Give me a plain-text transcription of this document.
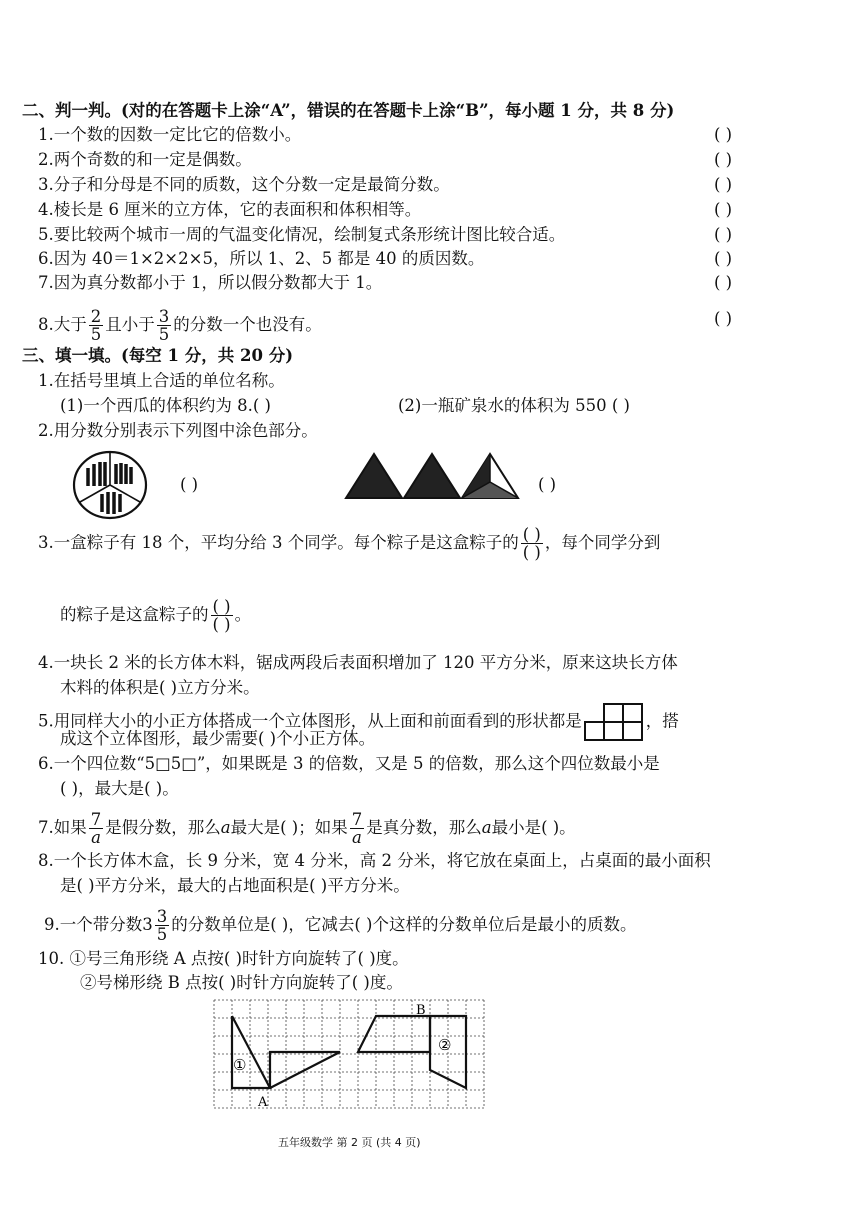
二、判一判。(对的在答题卡上涂“A”，错误的在答题卡上涂“B”，每小题 1 分，共 8 分)
1.一个数的因数一定比它的倍数小。	( )
2.两个奇数的和一定是偶数。	( )
3.分子和分母是不同的质数，这个分数一定是最简分数。	( )
4.棱长是 6 厘米的立方体，它的表面积和体积相等。	( )
5.要比较两个城市一周的气温变化情况，绘制复式条形统计图比较合适。	( )
6.因为 40＝1×2×2×5，所以 1、2、5 都是 40 的质因数。	( )
7.因为真分数都小于 1，所以假分数都大于 1。	( )
8.大于 $\frac{2}{5}$ 且小于 $\frac{3}{5}$ 的分数一个也没有。	( )
三、填一填。(每空 1 分，共 20 分)
1.在括号里填上合适的单位名称。
(1)一个西瓜的体积约为 8.( )	(2)一瓶矿泉水的体积为 550 ( )
2.用分数分别表示下列图中涂色部分。
( )	( )
3.一盒粽子有 18 个，平均分给 3 个同学。每个粽子是这盒粽子的 $\frac{( )}{( )}$ ，每个同学分到
的粽子是这盒粽子的 $\frac{( )}{( )}$ 。
4.一块长 2 米的长方体木料，锯成两段后表面积增加了 120 平方分米，原来这块长方体
木料的体积是( )立方分米。
5.用同样大小的小正方体搭成一个立体图形，从上面和前面看到的形状都是	，搭
成这个立体图形，最少需要( )个小正方体。
6.一个四位数“5□5□”，如果既是 3 的倍数，又是 5 的倍数，那么这个四位数最小是
( )，最大是( )。
7.如果 $\frac{7}{a}$ 是假分数，那么a最大是( )；如果 $\frac{7}{a}$ 是真分数，那么a最小是( )。
8.一个长方体木盒，长 9 分米，宽 4 分米，高 2 分米，将它放在桌面上，占桌面的最小面积
是( )平方分米，最大的占地面积是( )平方分米。
9.一个带分数$3 \frac{3}{5}$ 的分数单位是( )，它减去( )个这样的分数单位后是最小的质数。
10. ①号三角形绕 A 点按( )时针方向旋转了( )度。
②号梯形绕 B 点按( )时针方向旋转了( )度。
A
B
①
②
五年级数学 第 2 页 (共 4 页)
